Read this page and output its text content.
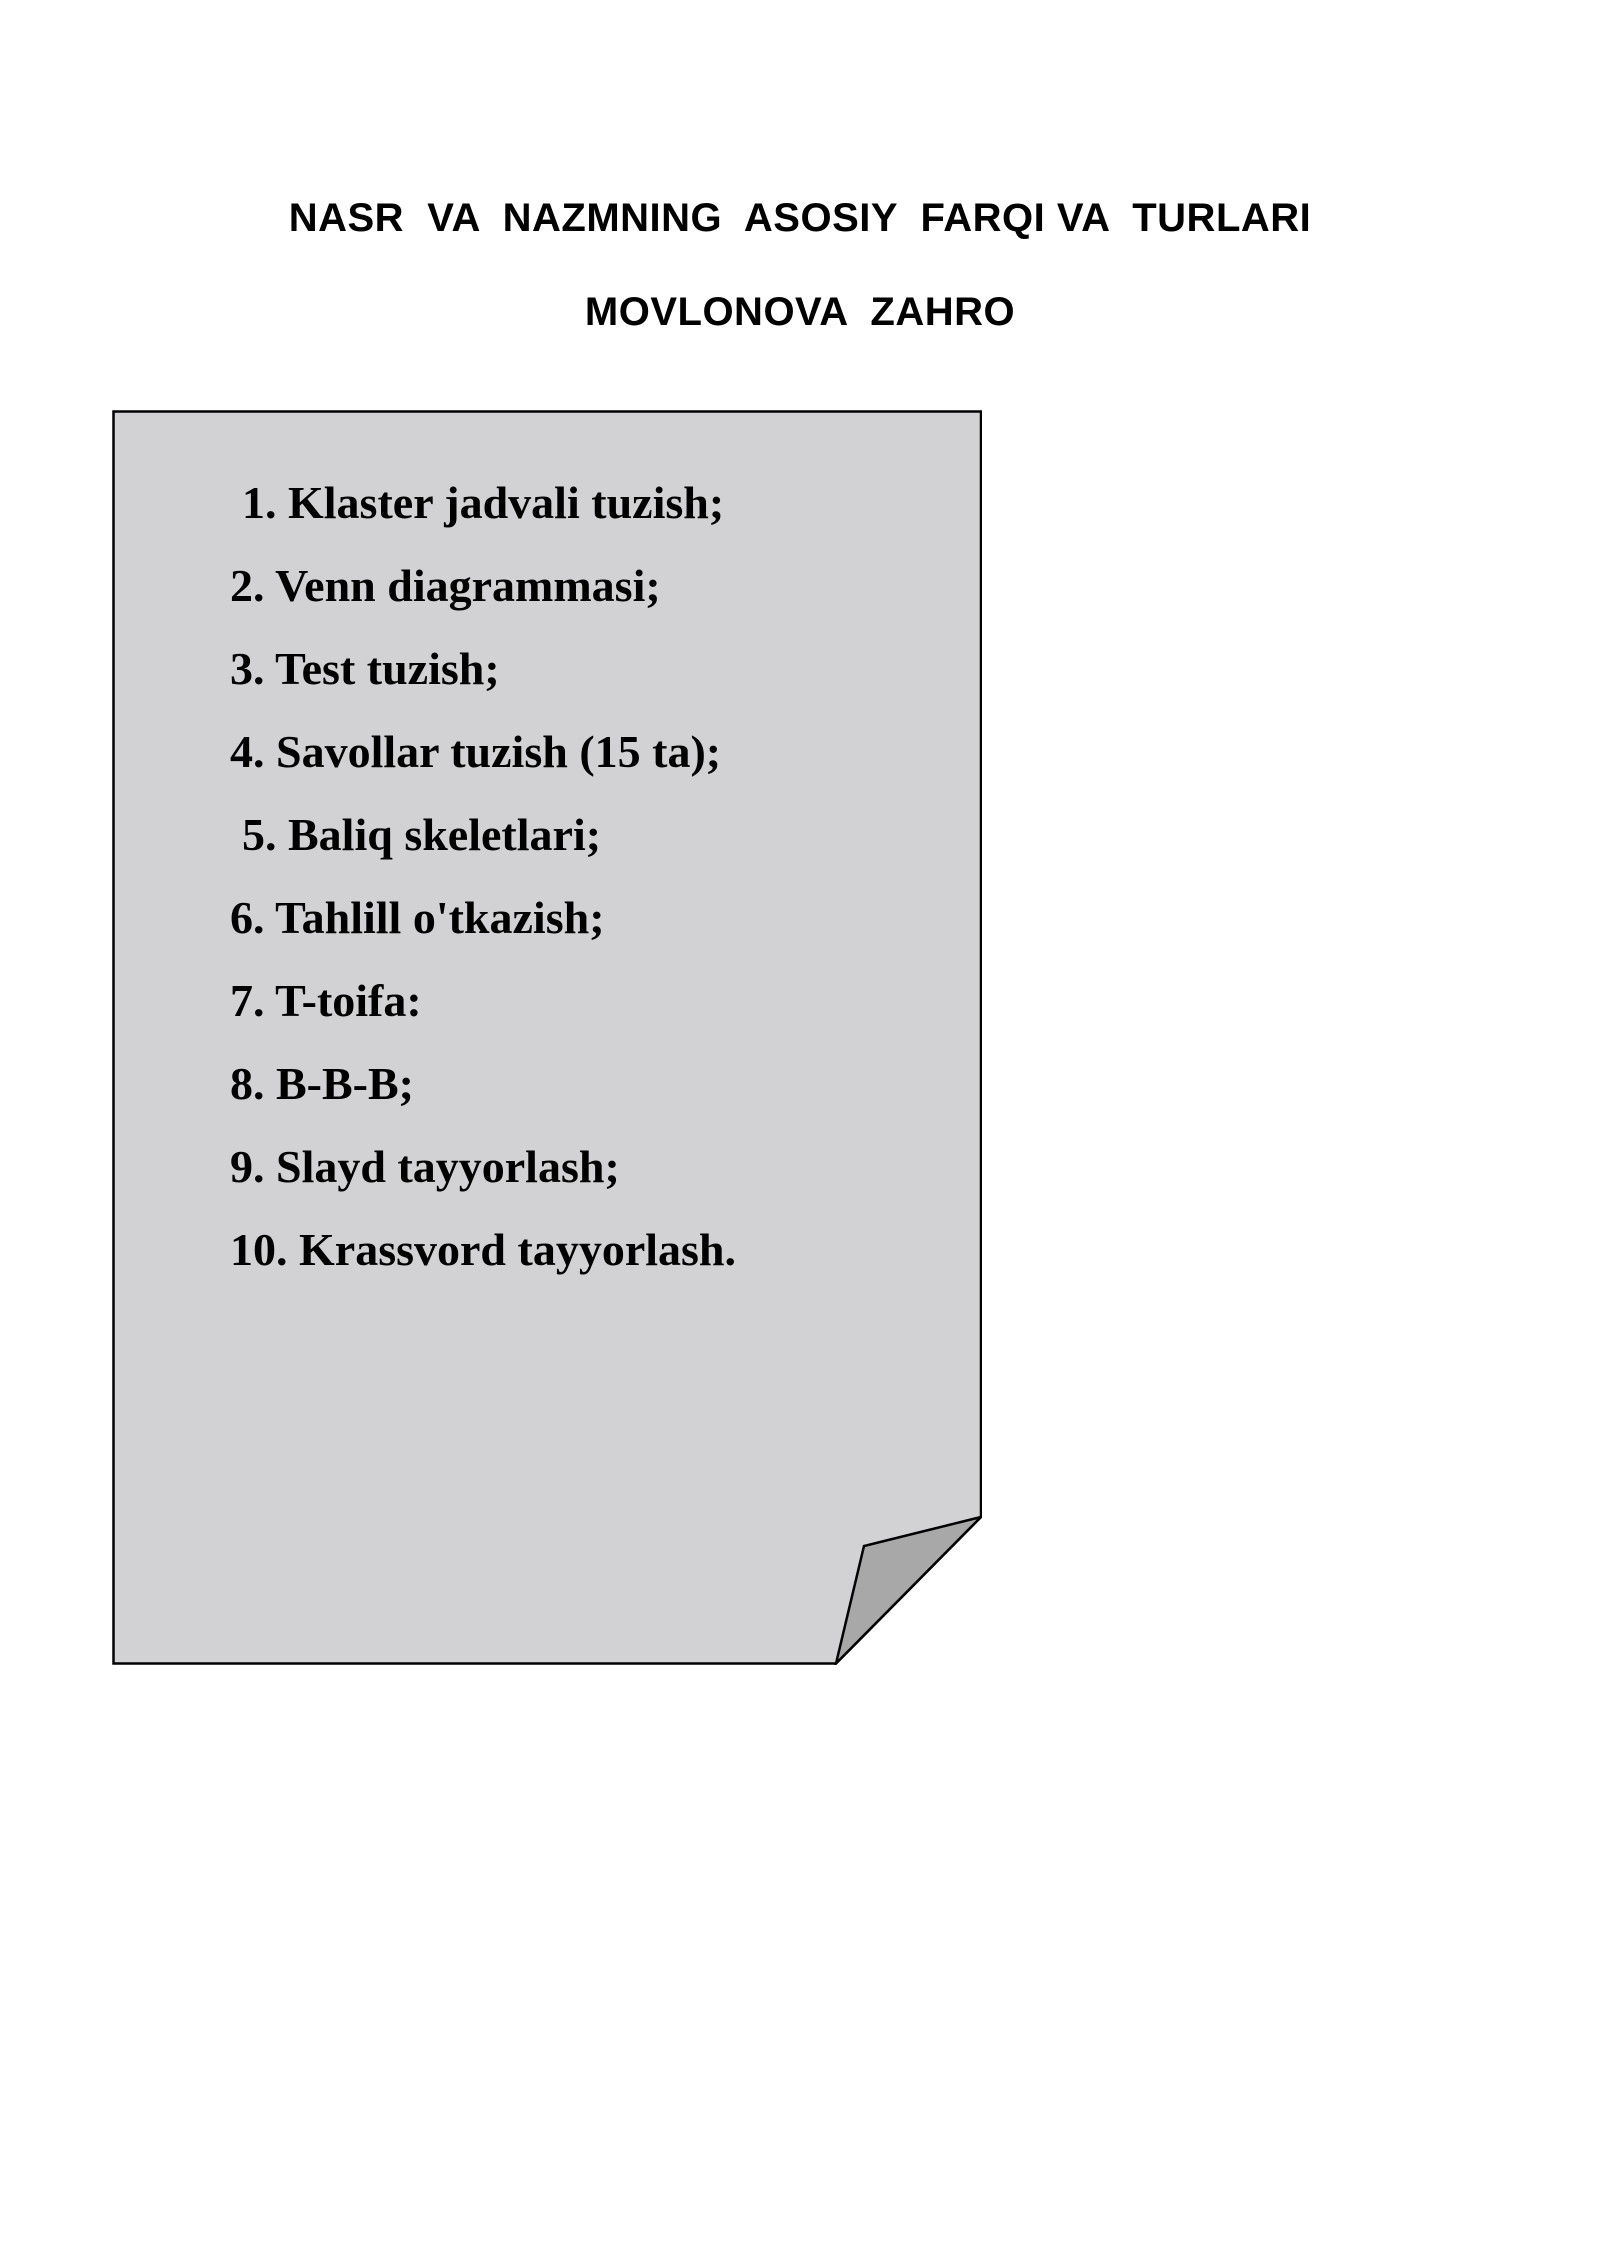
NASR  VA  NAZMNING  ASOSIY  FARQI VA  TURLARI
MOVLONOVA  ZAHRO
1. Klaster jadvali tuzish;
2. Venn diagrammasi;
3. Test tuzish;
4. Savollar tuzish (15 ta);
5. Baliq skeletlari;
6. Tahlill o'tkazish;
7. T-toifa:
8. B-B-B;
9. Slayd tayyorlash;
10. Krassvord tayyorlash.
